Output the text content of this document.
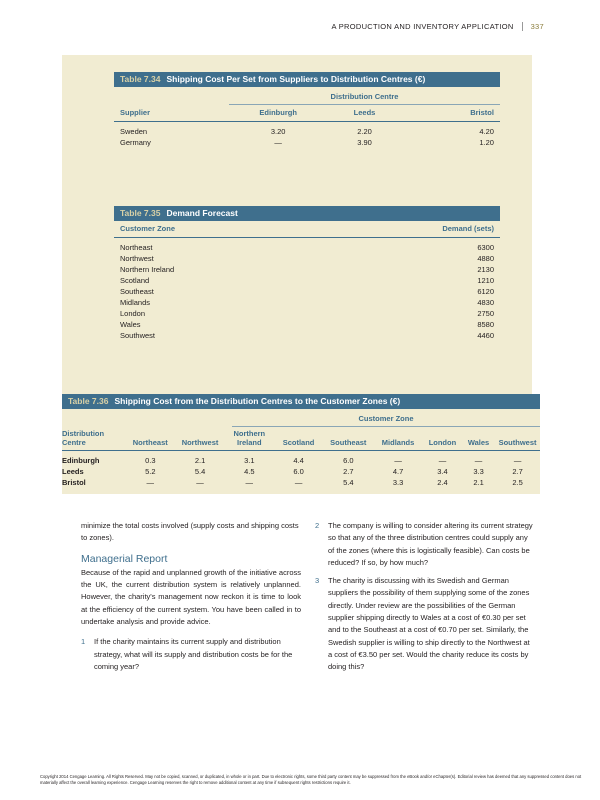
A PRODUCTION AND INVENTORY APPLICATION 337
Table 7.34 Shipping Cost Per Set from Suppliers to Distribution Centres (€)
Distribution Centre
Supplier	Edinburgh	Leeds	Bristol
Sweden	3.20	2.20	4.20
Germany	—	3.90	1.20
Table 7.35 Demand Forecast
Customer Zone	Demand (sets)
Northeast	6300
Northwest	4880
Northern Ireland	2130
Scotland	1210
Southeast	6120
Midlands	4830
London	2750
Wales	8580
Southwest	4460
Table 7.36 Shipping Cost from the Distribution Centres to the Customer Zones (€)
Customer Zone
Distribution
Centre	Northeast	Northwest
Northern
Ireland	Scotland	Southeast	Midlands	London	Wales	Southwest
Edinburgh	0.3	2.1	3.1	4.4	6.0	—	—	—	—
Leeds	5.2	5.4	4.5	6.0	2.7	4.7	3.4	3.3	2.7
Bristol	—	—	—	—	5.4	3.3	2.4	2.1	2.5
minimize the total costs involved (supply costs and shipping costs to zones).
Managerial Report
Because of the rapid and unplanned growth of the initiative across the UK, the current distribution system is relatively unplanned. However, the charity's management now reckon it is time to look at the efficiency of the current system. You have been called in to undertake analysis and provide advice.
1	If the charity maintains its current supply and distribution strategy, what will its supply and distribution costs be for the coming year?
2	The company is willing to consider altering its current strategy so that any of the three distribution centres could supply any of the zones (where this is logistically feasible). Can costs be reduced? If so, by how much?
3	The charity is discussing with its Swedish and German suppliers the possibility of them supplying some of the zones directly. Under review are the possibilities of the German supplier shipping directly to Wales at a cost of €0.30 per set and to the Southeast at a cost of €0.70 per set. Similarly, the Swedish supplier is willing to ship directly to the Northwest at a cost of €3.50 per set. Would the charity reduce its costs by doing this?
Copyright 2014 Cengage Learning. All Rights Reserved. May not be copied, scanned, or duplicated, in whole or in part. Due to electronic rights, some third party content may be suppressed from the eBook and/or eChapter(s). Editorial review has deemed that any suppressed content does not materially affect the overall learning experience. Cengage Learning reserves the right to remove additional content at any time if subsequent rights restrictions require it.
